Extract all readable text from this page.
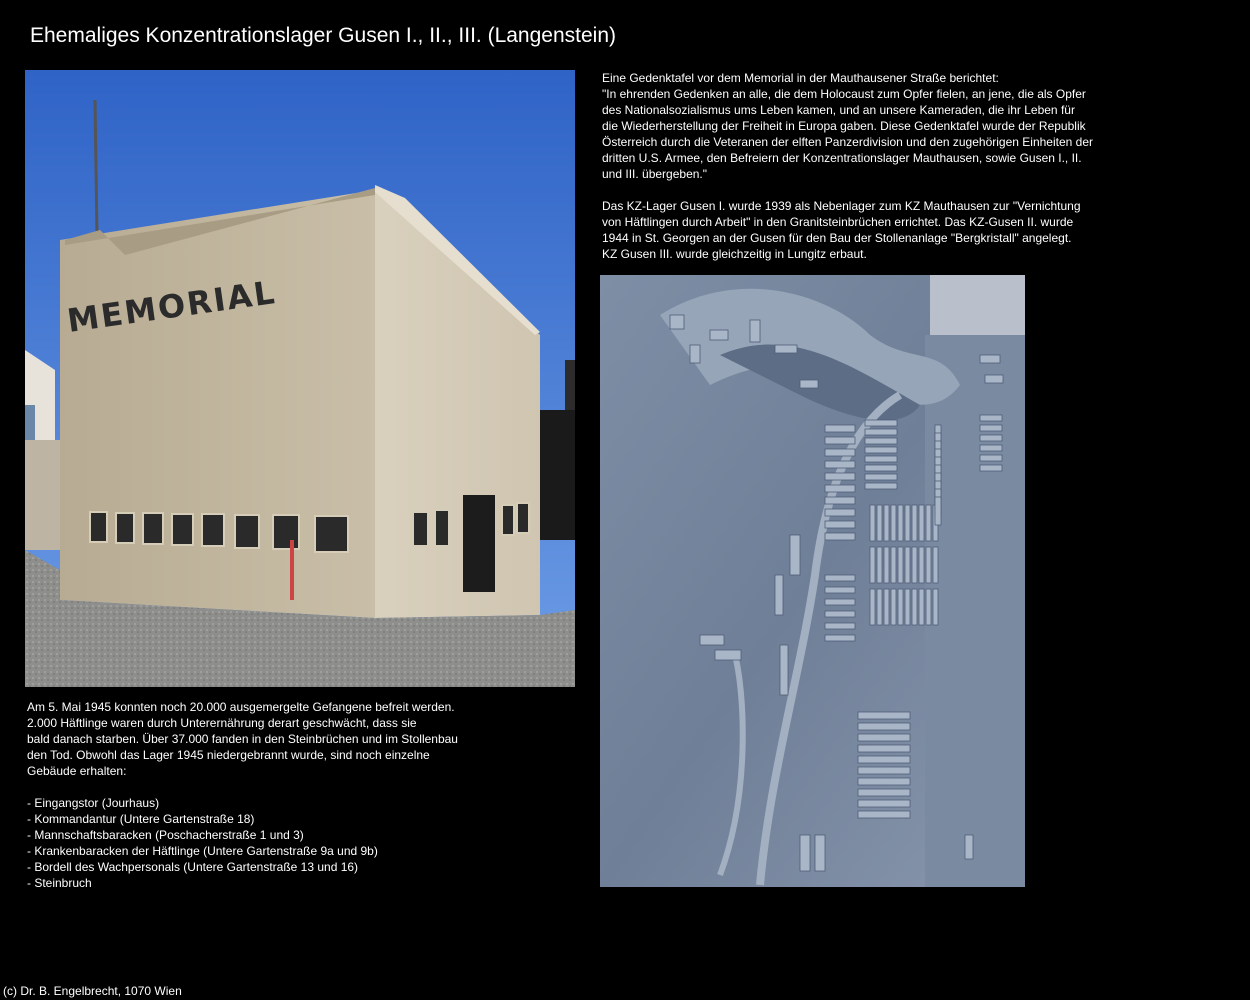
Ehemaliges Konzentrationslager Gusen I., II., III. (Langenstein)
MEMORIAL

Eine Gedenktafel vor dem Memorial in der Mauthausener Straße berichtet:

"In ehrenden Gedenken an alle, die dem Holocaust zum Opfer fielen, an jene, die als Opfer

des Nationalsozialismus ums Leben kamen, und an unsere Kameraden, die ihr Leben für

die Wiederherstellung der Freiheit in Europa gaben. Diese Gedenktafel wurde der Republik

Österreich durch die Veteranen der elften Panzerdivision und den zugehörigen Einheiten der

dritten U.S. Armee, den Befreiern der Konzentrationslager Mauthausen, sowie Gusen I., II.

und III. übergeben."

Das KZ-Lager Gusen I. wurde 1939 als Nebenlager zum KZ Mauthausen zur "Vernichtung

von Häftlingen durch Arbeit" in den Granitsteinbrüchen errichtet. Das KZ-Gusen II. wurde

1944 in St. Georgen an der Gusen für den Bau der Stollenanlage "Bergkristall" angelegt.

KZ Gusen III. wurde gleichzeitig in Lungitz erbaut.

Am 5. Mai 1945 konnten noch 20.000 ausgemergelte Gefangene befreit werden.

2.000 Häftlinge waren durch Unterernährung derart geschwächt, dass sie

bald danach starben. Über 37.000 fanden in den Steinbrüchen und im Stollenbau

den Tod. Obwohl das Lager 1945 niedergebrannt wurde, sind noch einzelne

Gebäude erhalten:

- Eingangstor (Jourhaus)
- Kommandantur (Untere Gartenstraße 18)
- Mannschaftsbaracken (Poschacherstraße 1 und 3)
- Krankenbaracken der Häftlinge (Untere Gartenstraße 9a und 9b)
- Bordell des Wachpersonals (Untere Gartenstraße 13 und 16)
- Steinbruch
(c) Dr. B. Engelbrecht, 1070 Wien
